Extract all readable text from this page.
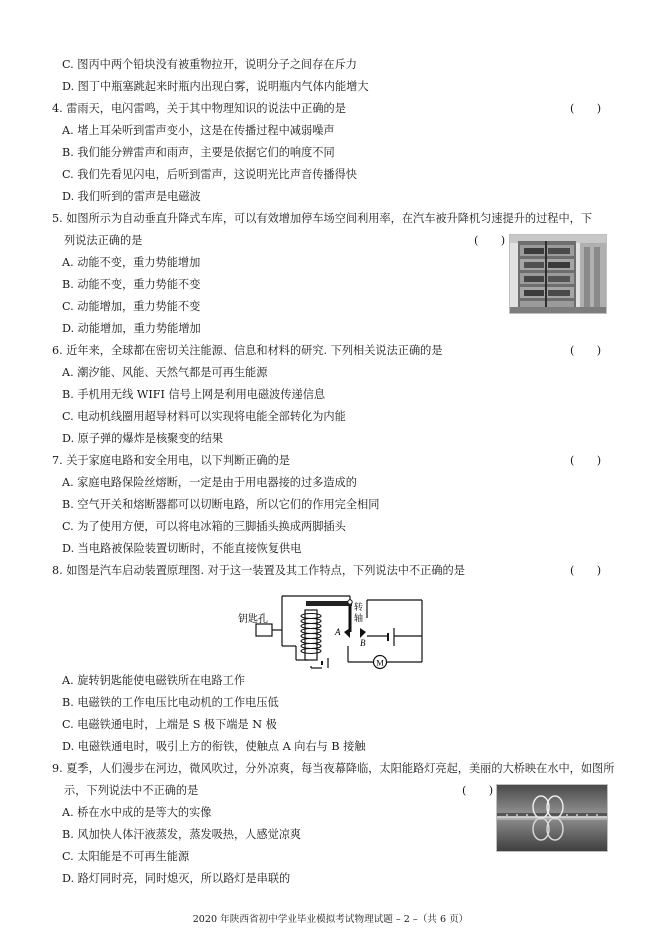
C. 图丙中两个铅块没有被重物拉开，说明分子之间存在斥力
D. 图丁中瓶塞跳起来时瓶内出现白雾，说明瓶内气体内能增大
4. 雷雨天，电闪雷鸣，关于其中物理知识的说法中正确的是	(　　)
A. 堵上耳朵听到雷声变小，这是在传播过程中减弱噪声
B. 我们能分辨雷声和雨声，主要是依据它们的响度不同
C. 我们先看见闪电，后听到雷声，这说明光比声音传播得快
D. 我们听到的雷声是电磁波
5. 如图所示为自动垂直升降式车库，可以有效增加停车场空间利用率，在汽车被升降机匀速提升的过程中，下
列说法正确的是	(　　)
A. 动能不变，重力势能增加
B. 动能不变，重力势能不变
C. 动能增加，重力势能不变
D. 动能增加，重力势能增加
6. 近年来，全球都在密切关注能源、信息和材料的研究. 下列相关说法正确的是	(　　)
A. 潮汐能、风能、天然气都是可再生能源
B. 手机用无线 WIFI 信号上网是利用电磁波传递信息
C. 电动机线圈用超导材料可以实现将电能全部转化为内能
D. 原子弹的爆炸是核聚变的结果
7. 关于家庭电路和安全用电，以下判断正确的是	(　　)
A. 家庭电路保险丝熔断，一定是由于用电器接的过多造成的
B. 空气开关和熔断器都可以切断电路，所以它们的作用完全相同
C. 为了使用方便，可以将电冰箱的三脚插头换成两脚插头
D. 当电路被保险装置切断时，不能直接恢复供电
8. 如图是汽车启动装置原理图. 对于这一装置及其工作特点，下列说法中不正确的是	(　　)
M
钥匙孔
转
轴
A
B
A. 旋转钥匙能使电磁铁所在电路工作
B. 电磁铁的工作电压比电动机的工作电压低
C. 电磁铁通电时，上端是 S 极下端是 N 极
D. 电磁铁通电时，吸引上方的衔铁，使触点 A 向右与 B 接触
9. 夏季，人们漫步在河边，微风吹过，分外凉爽，每当夜幕降临，太阳能路灯亮起，美丽的大桥映在水中，如图所
示，下列说法中不正确的是	(　　)
A. 桥在水中成的是等大的实像
B. 风加快人体汗液蒸发，蒸发吸热，人感觉凉爽
C. 太阳能是不可再生能源
D. 路灯同时亮，同时熄灭，所以路灯是串联的
2020 年陕西省初中学业毕业模拟考试物理试题 – 2 –（共 6 页）
